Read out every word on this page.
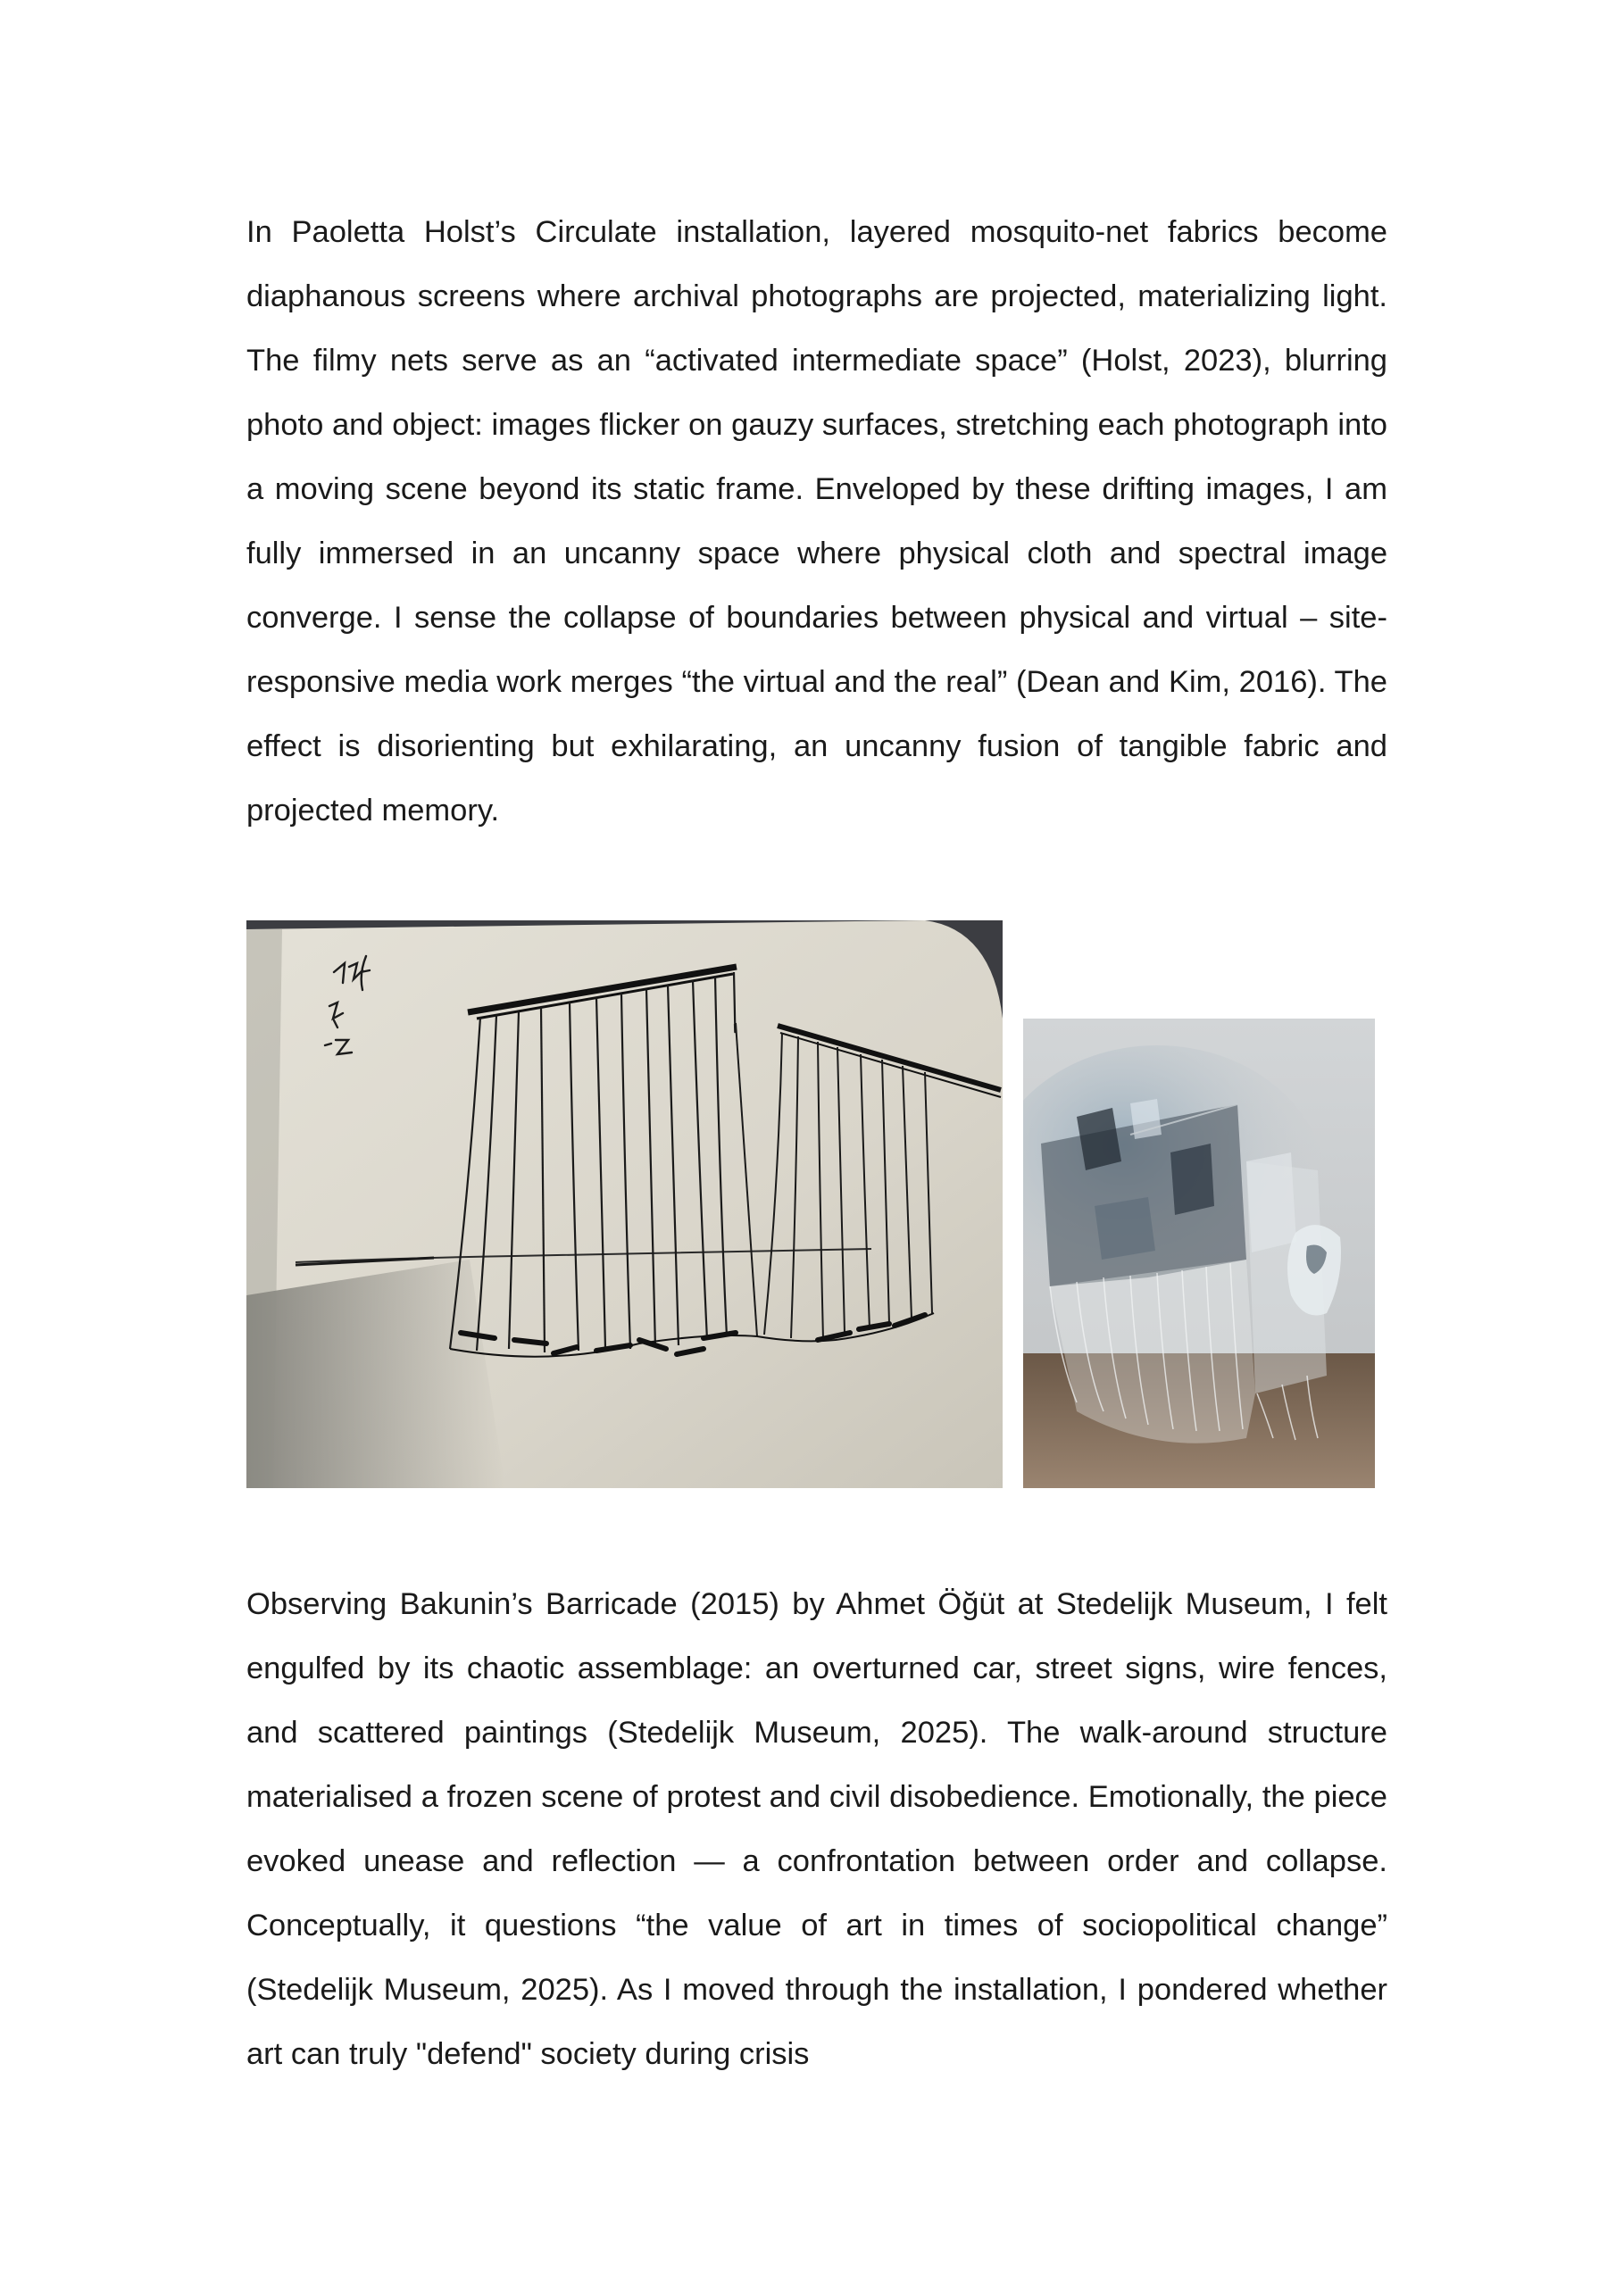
In Paoletta Holst’s Circulate installation, layered mosquito-net fabrics become diaphanous screens where archival photographs are projected, materializing light. The filmy nets serve as an “activated intermediate space” (Holst, 2023), blurring photo and object: images flicker on gauzy surfaces, stretching each photograph into a moving scene beyond its static frame. Enveloped by these drifting images, I am fully immersed in an uncanny space where physical cloth and spectral image converge. I sense the collapse of boundaries between physical and virtual – site-responsive media work merges “the virtual and the real” (Dean and Kim, 2016). The effect is disorienting but exhilarating, an uncanny fusion of tangible fabric and projected memory.

Observing Bakunin’s Barricade (2015) by Ahmet Öğüt at Stedelijk Museum, I felt engulfed by its chaotic assemblage: an overturned car, street signs, wire fences, and scattered paintings (Stedelijk Museum, 2025). The walk-around structure materialised a frozen scene of protest and civil disobedience. Emotionally, the piece evoked unease and reflection — a confrontation between order and collapse. Conceptually, it questions “the value of art in times of sociopolitical change” (Stedelijk Museum, 2025). As I moved through the installation, I pondered whether art can truly "defend" society during crisis
